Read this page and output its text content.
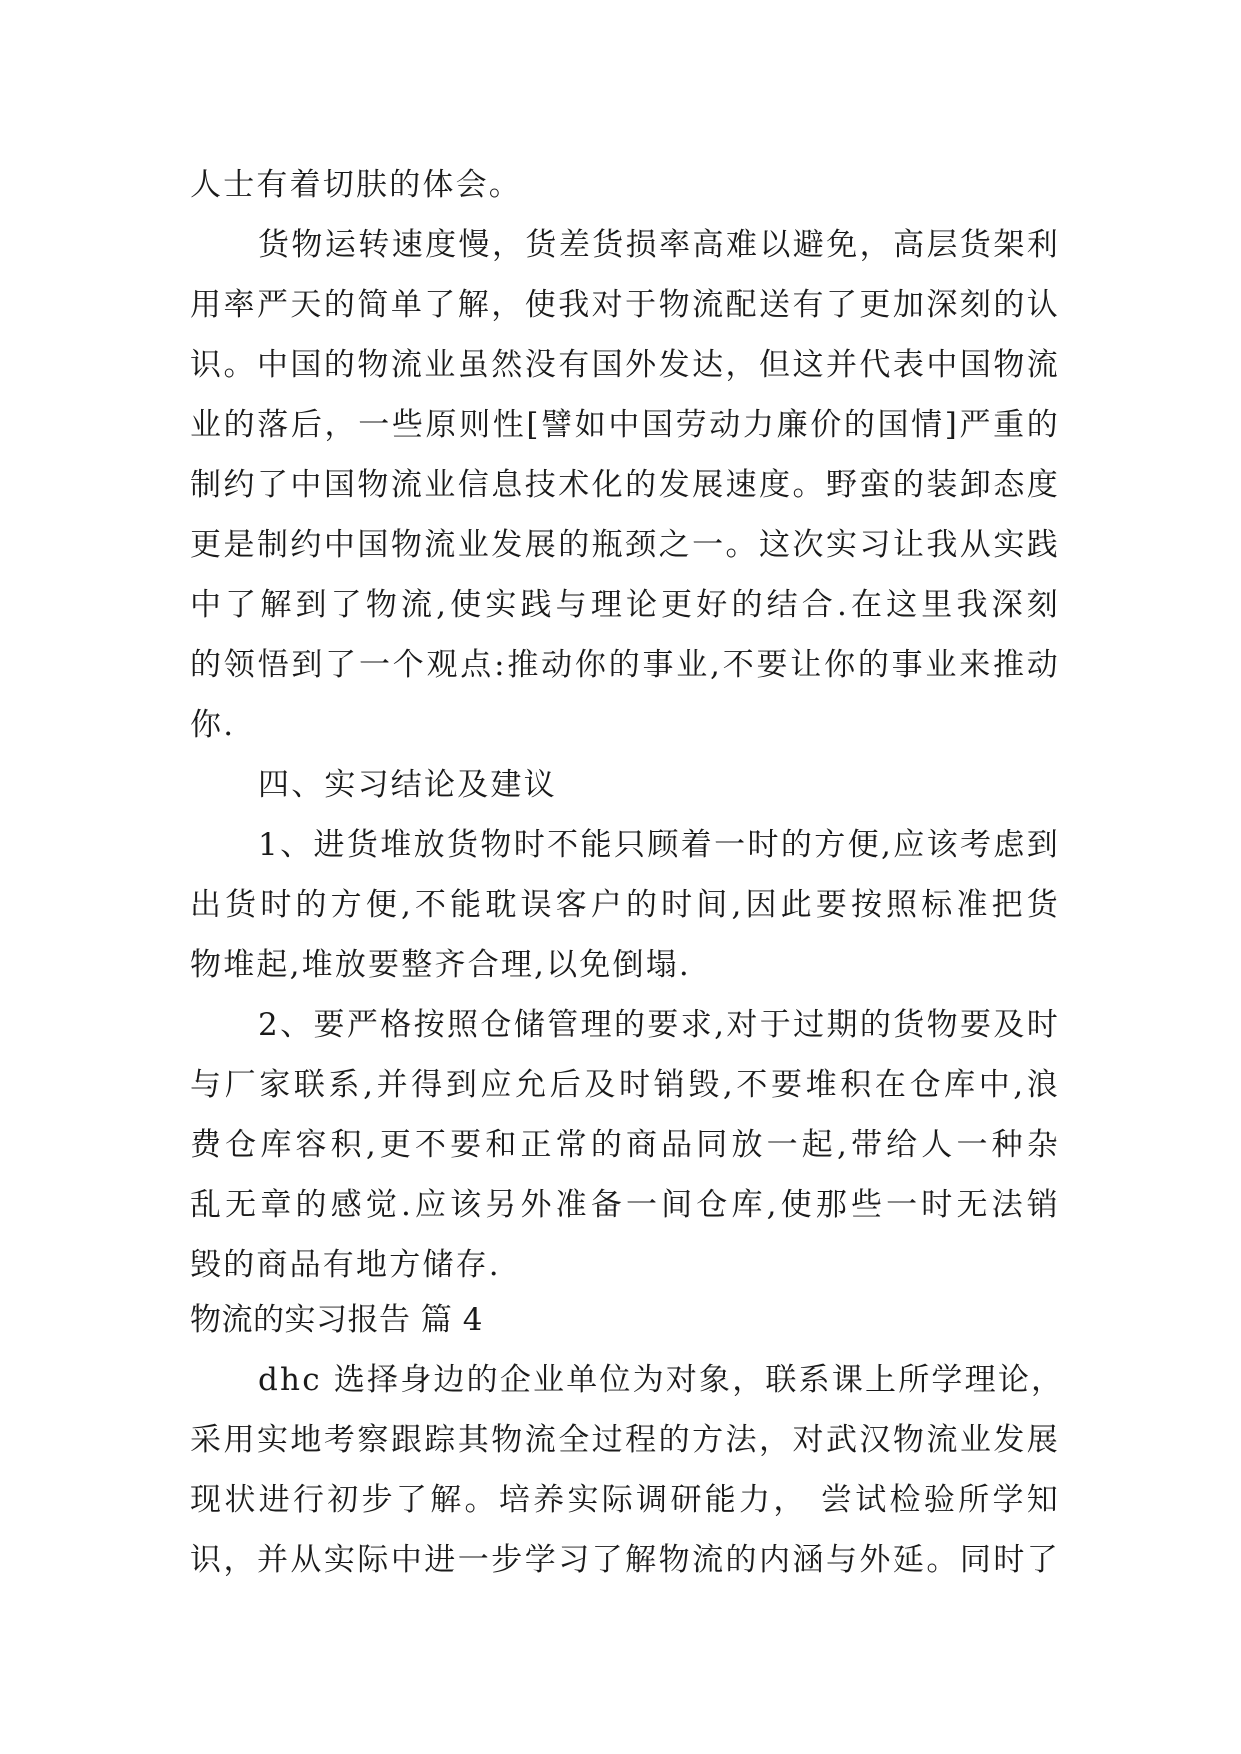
人士有着切肤的体会。

货物运转速度慢，货差货损率高难以避免，高层货架利

用率严天的简单了解，使我对于物流配送有了更加深刻的认

识。中国的物流业虽然没有国外发达，但这并代表中国物流

业的落后，一些原则性[譬如中国劳动力廉价的国情]严重的

制约了中国物流业信息技术化的发展速度。野蛮的装卸态度

更是制约中国物流业发展的瓶颈之一。这次实习让我从实践

中了解到了物流,使实践与理论更好的结合.在这里我深刻

的领悟到了一个观点:推动你的事业,不要让你的事业来推动

你.

四、实习结论及建议

1、进货堆放货物时不能只顾着一时的方便,应该考虑到

出货时的方便,不能耽误客户的时间,因此要按照标准把货

物堆起,堆放要整齐合理,以免倒塌.

2、要严格按照仓储管理的要求,对于过期的货物要及时

与厂家联系,并得到应允后及时销毁,不要堆积在仓库中,浪

费仓库容积,更不要和正常的商品同放一起,带给人一种杂

乱无章的感觉.应该另外准备一间仓库,使那些一时无法销

毁的商品有地方储存.

物流的实习报告 篇 4

dhc 选择身边的企业单位为对象，联系课上所学理论，

采用实地考察跟踪其物流全过程的方法，对武汉物流业发展

现状进行初步了解。培养实际调研能力， 尝试检验所学知

识，并从实际中进一步学习了解物流的内涵与外延。同时了
